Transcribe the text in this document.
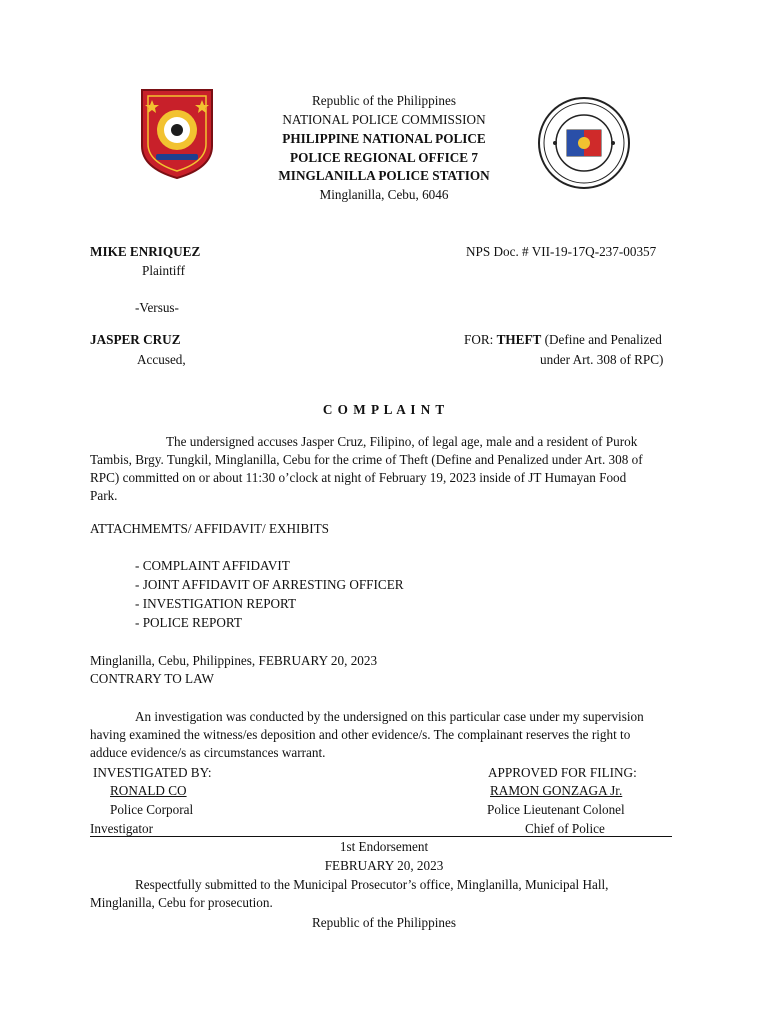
Republic of the Philippines
NATIONAL POLICE COMMISSION
PHILIPPINE NATIONAL POLICE
POLICE REGIONAL OFFICE 7
MINGLANILLA POLICE STATION
Minglanilla, Cebu, 6046
MIKE ENRIQUEZ
Plaintiff
NPS Doc. # VII-19-17Q-237-00357
-Versus-
JASPER CRUZ
Accused,
FOR: THEFT (Define and Penalized
under Art. 308 of RPC)
C O M P L A I N T
The undersigned accuses Jasper Cruz, Filipino, of legal age, male and a resident of Purok
Tambis, Brgy. Tungkil, Minglanilla, Cebu for the crime of Theft (Define and Penalized under Art. 308 of
RPC) committed on or about 11:30 o’clock at night of February 19, 2023 inside of JT Humayan Food
Park.
ATTACHMEMTS/ AFFIDAVIT/ EXHIBITS
- COMPLAINT AFFIDAVIT
- JOINT AFFIDAVIT OF ARRESTING OFFICER
- INVESTIGATION REPORT
- POLICE REPORT
Minglanilla, Cebu, Philippines, FEBRUARY 20, 2023
CONTRARY TO LAW
An investigation was conducted by the undersigned on this particular case under my supervision
having examined the witness/es deposition and other evidence/s. The complainant reserves the right to
adduce evidence/s as circumstances warrant.
INVESTIGATED BY:
RONALD CO
Police Corporal
Investigator
APPROVED FOR FILING:
RAMON GONZAGA Jr.
Police Lieutenant Colonel
Chief of Police
1st Endorsement
FEBRUARY 20, 2023
Respectfully submitted to the Municipal Prosecutor’s office, Minglanilla, Municipal Hall,
Minglanilla, Cebu for prosecution.
Republic of the Philippines
